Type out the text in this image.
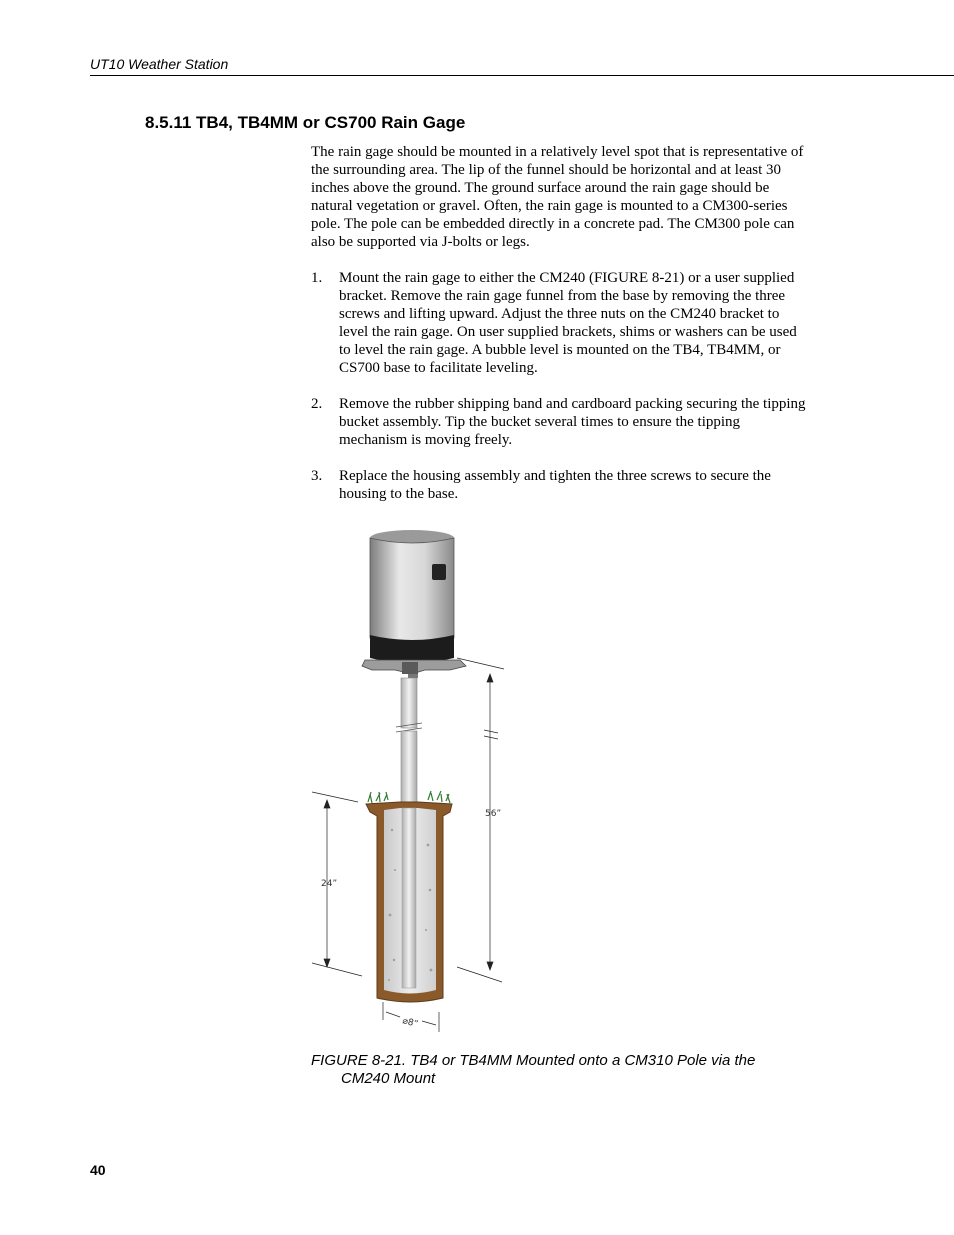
UT10 Weather Station
8.5.11 TB4, TB4MM or CS700 Rain Gage

The rain gage should be mounted in a relatively level spot that is representative of the surrounding area. The lip of the funnel should be horizontal and at least 30 inches above the ground. The ground surface around the rain gage should be natural vegetation or gravel. Often, the rain gage is mounted to a CM300-series pole. The pole can be embedded directly in a concrete pad. The CM300 pole can also be supported via J-bolts or legs.

1.	Mount the rain gage to either the CM240 (FIGURE 8-21) or a user supplied bracket. Remove the rain gage funnel from the base by removing the three screws and lifting upward. Adjust the three nuts on the CM240 bracket to level the rain gage. On user supplied brackets, shims or washers can be used to level the rain gage. A bubble level is mounted on the TB4, TB4MM, or CS700 base to facilitate leveling.
2.	Remove the rubber shipping band and cardboard packing securing the tipping bucket assembly. Tip the bucket several times to ensure the tipping mechanism is moving freely.
3.	Replace the housing assembly and tighten the three screws to secure the housing to the base.
56”
24”
⌀8”
FIGURE 8-21. TB4 or TB4MM Mounted onto a CM310 Pole via the
CM240 Mount
40
